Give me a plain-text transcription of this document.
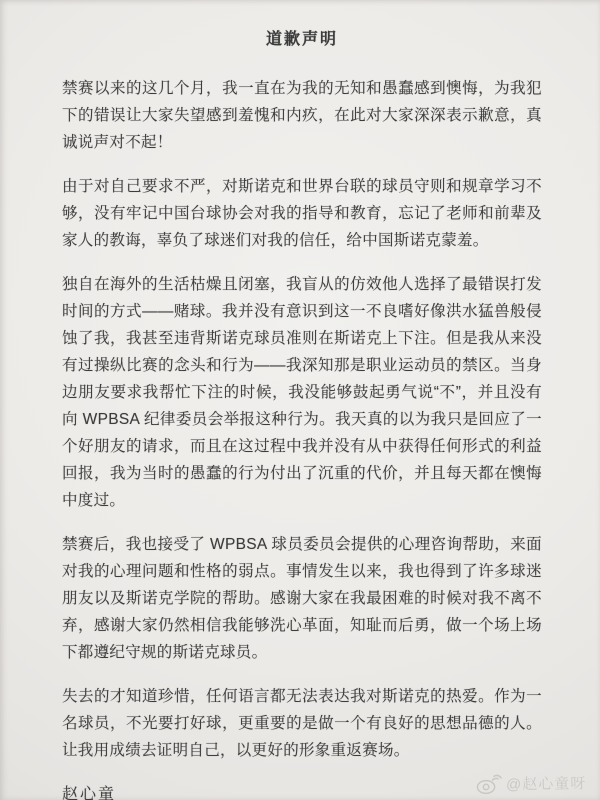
道歉声明

禁赛以来的这几个月，我一直在为我的无知和愚蠢感到懊悔，为我犯下的错误让大家失望感到羞愧和内疚，在此对大家深深表示歉意，真诚说声对不起！

由于对自己要求不严，对斯诺克和世界台联的球员守则和规章学习不够，没有牢记中国台球协会对我的指导和教育，忘记了老师和前辈及家人的教诲，辜负了球迷们对我的信任，给中国斯诺克蒙羞。

独自在海外的生活枯燥且闭塞，我盲从的仿效他人选择了最错误打发时间的方式——赌球。我并没有意识到这一不良嗜好像洪水猛兽般侵蚀了我，我甚至违背斯诺克球员准则在斯诺克上下注。但是我从来没有过操纵比赛的念头和行为——我深知那是职业运动员的禁区。当身边朋友要求我帮忙下注的时候，我没能够鼓起勇气说“不”，并且没有向 WPBSA 纪律委员会举报这种行为。我天真的以为我只是回应了一个好朋友的请求，而且在这过程中我并没有从中获得任何形式的利益回报，我为当时的愚蠢的行为付出了沉重的代价，并且每天都在懊悔中度过。

禁赛后，我也接受了 WPBSA 球员委员会提供的心理咨询帮助，来面对我的心理问题和性格的弱点。事情发生以来，我也得到了许多球迷朋友以及斯诺克学院的帮助。感谢大家在我最困难的时候对我不离不弃，感谢大家仍然相信我能够洗心革面，知耻而后勇，做一个场上场下都遵纪守规的斯诺克球员。

失去的才知道珍惜，任何语言都无法表达我对斯诺克的热爱。作为一名球员，不光要打好球，更重要的是做一个有良好的思想品德的人。让我用成绩去证明自己，以更好的形象重返赛场。

赵心童
@赵心童呀
